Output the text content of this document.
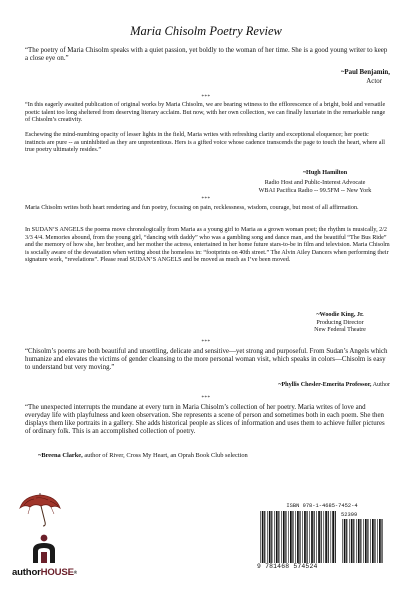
Maria Chisolm Poetry Review

“The poetry of Maria Chisolm speaks with a quiet passion, yet boldly to the woman of her time. She is a good young writer to keep a close eye on.”

~Paul Benjamin,

Actor

***

“In this eagerly awaited publication of original works by Maria Chisolm, we are bearing witness to the efflorescence of a bright, bold and versatile poetic talent too long sheltered from deserving literary acclaim. But now, with her own collection, we can finally luxuriate in the remarkable range of Chisolm’s creativity.

Eschewing the mind-numbing opacity of lesser lights in the field, Maria writes with refreshing clarity and exceptional eloquence; her poetic instincts are pure -- as uninhibited as they are unpretentious. Hers is a gifted voice whose cadence transcends the page to touch the heart, where all true poetry ultimately resides.”

~Hugh Hamilton

Radio Host and Public-Interest Advocate

WBAI Pacifica Radio -- 99.5FM -- New York

***

Maria Chisolm writes both heart rendering and fun poetry, focusing on pain, recklessness, wisdom, courage, but most of all affirmation.

In SUDAN’S ANGELS the poems move chronologically from Maria as a young girl to Maria as a grown woman poet; the rhythm is musically, 2/2 3/3 4/4. Memories abound, from the young girl, “dancing with daddy” who was a gambling song and dance man, and the beautiful “The Bus Ride” and the memory of how she, her brother, and her mother the actress, entertained in her home future stars-to-be in film and television. Maria Chisolm is socially aware of the devastation when writing about the homeless in: “footprints on 40th street.” The Alvin Ailey Dancers when performing their signature work, “revelations”. Please read SUDAN’S ANGELS and be moved as much as I’ve been moved.

~Woodie King, Jr.

Producing Director

New Federal Theatre

***

“Chisolm’s poems are both beautiful and unsettling, delicate and sensitive—yet strong and purposeful. From Sudan’s Angels which humanize and elevates the victims of gender cleansing to the more personal woman visit, which speaks in colors—Chisolm is easy to understand but very moving.”

~Phyllis Chesler-Emerita Professor, Author

***

“The unexpected interrupts the mundane at every turn in Maria Chisolm’s collection of her poetry. Maria writes of love and everyday life with playfulness and keen observation. She represents a scene of person and sometimes both in each poem. She then displays them like portraits in a gallery. She adds historical people as slices of information and uses them to achieve fuller pictures of ordinary folk. This is an accomplished collection of poetry.

~Breena Clarke, author of River, Cross My Heart, an Oprah Book Club selection

authorHOUSE®
ISBN 978-1-4685-7452-4
52399
9 781468 574524
